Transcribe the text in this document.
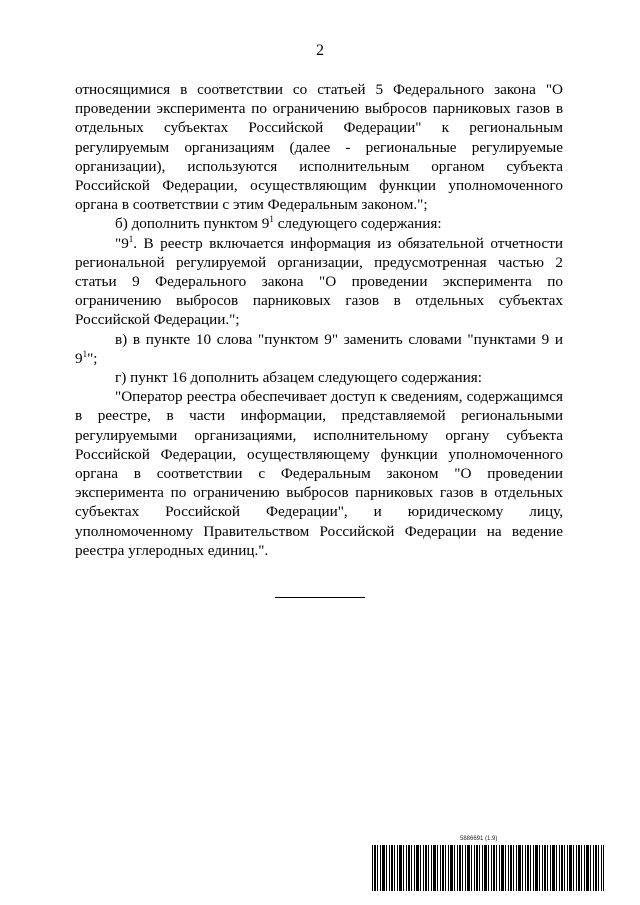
2

относящимися в соответствии со статьей 5 Федерального закона "О проведении эксперимента по ограничению выбросов парниковых газов в отдельных субъектах Российской Федерации" к региональным регулируемым организациям (далее - региональные регулируемые организации), используются исполнительным органом субъекта Российской Федерации, осуществляющим функции уполномоченного органа в соответствии с этим Федеральным законом.";

б) дополнить пунктом $9^1$ следующего содержания:

"$9^1$. В реестр включается информация из обязательной отчетности региональной регулируемой организации, предусмотренная частью 2 статьи 9 Федерального закона "О проведении эксперимента по ограничению выбросов парниковых газов в отдельных субъектах Российской Федерации.";

в) в пункте 10 слова "пунктом 9" заменить словами "пунктами 9 и $9^1$";

г) пункт 16 дополнить абзацем следующего содержания:

"Оператор реестра обеспечивает доступ к сведениям, содержащимся в реестре, в части информации, представляемой региональными регулируемыми организациями, исполнительному органу субъекта Российской Федерации, осуществляющему функции уполномоченного органа в соответствии с Федеральным законом "О проведении эксперимента по ограничению выбросов парниковых газов в отдельных субъектах Российской Федерации", и юридическому лицу, уполномоченному Правительством Российской Федерации на ведение реестра углеродных единиц.".

5886691 (1.9)
